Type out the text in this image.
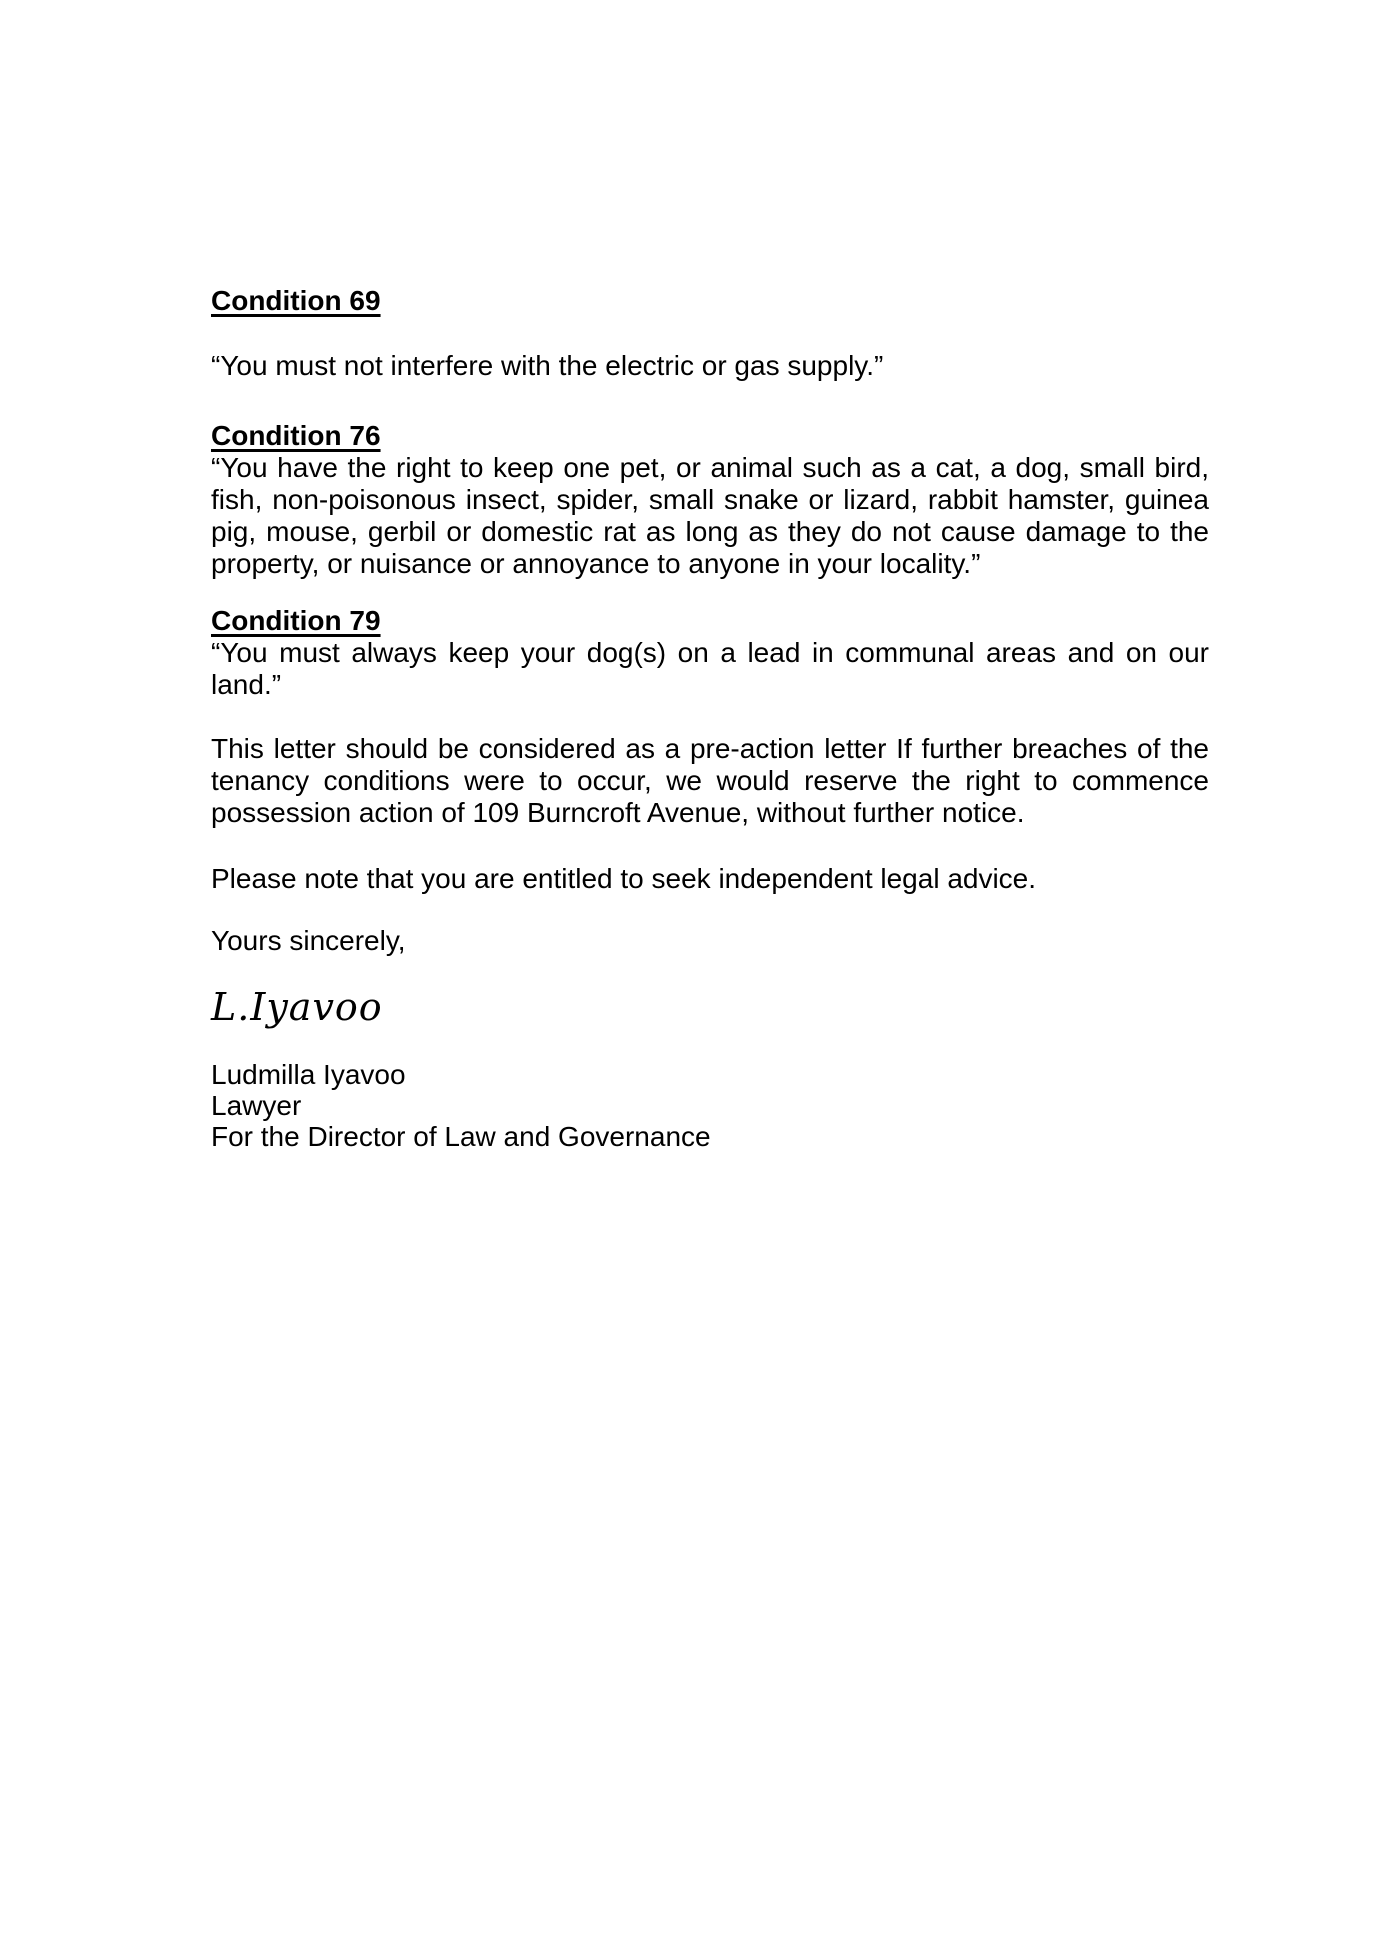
Condition 69

“You must not interfere with the electric or gas supply.”

Condition 76

“You have the right to keep one pet, or animal such as a cat, a dog, small bird, fish, non-poisonous insect, spider, small snake or lizard, rabbit hamster, guinea pig, mouse, gerbil or domestic rat as long as they do not cause damage to the property, or nuisance or annoyance to anyone in your locality.”

Condition 79

“You must always keep your dog(s) on a lead in communal areas and on our land.”

This letter should be considered as a pre-action letter If further breaches of the tenancy conditions were to occur, we would reserve the right to commence possession action of 109 Burncroft Avenue, without further notice.

Please note that you are entitled to seek independent legal advice.

Yours sincerely,

L.Iyavoo

Ludmilla Iyavoo

Lawyer

For the Director of Law and Governance
